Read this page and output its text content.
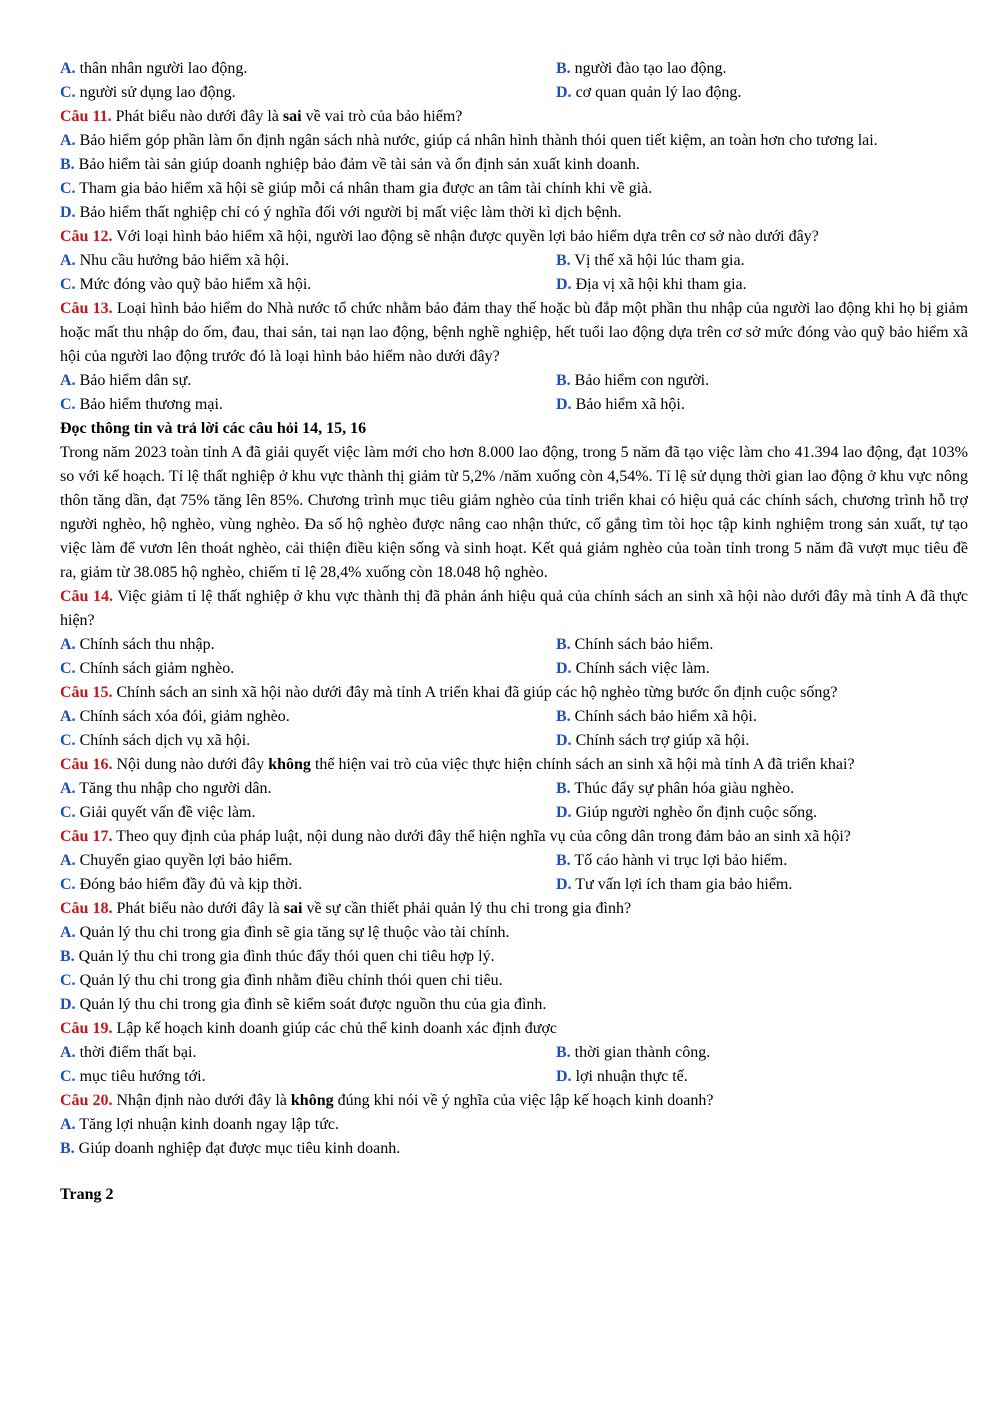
A. thân nhân người lao động.	B. người đào tạo lao động.
C. người sử dụng lao động.	D. cơ quan quản lý lao động.
Câu 11. Phát biểu nào dưới đây là sai về vai trò của bảo hiểm?
A. Bảo hiểm góp phần làm ổn định ngân sách nhà nước, giúp cá nhân hình thành thói quen tiết kiệm, an toàn hơn cho tương lai.
B. Bảo hiểm tài sản giúp doanh nghiệp bảo đảm về tài sản và ổn định sản xuất kinh doanh.
C. Tham gia bảo hiểm xã hội sẽ giúp mỗi cá nhân tham gia được an tâm tài chính khi về già.
D. Bảo hiểm thất nghiệp chỉ có ý nghĩa đối với người bị mất việc làm thời kì dịch bệnh.
Câu 12. Với loại hình bảo hiểm xã hội, người lao động sẽ nhận được quyền lợi bảo hiểm dựa trên cơ sở nào dưới đây?
A. Nhu cầu hưởng bảo hiểm xã hội.	B. Vị thế xã hội lúc tham gia.
C. Mức đóng vào quỹ bảo hiểm xã hội.	D. Địa vị xã hội khi tham gia.
Câu 13. Loại hình bảo hiểm do Nhà nước tổ chức nhằm bảo đảm thay thế hoặc bù đắp một phần thu nhập của người lao động khi họ bị giảm hoặc mất thu nhập do ốm, đau, thai sản, tai nạn lao động, bệnh nghề nghiệp, hết tuổi lao động dựa trên cơ sở mức đóng vào quỹ bảo hiểm xã hội của người lao động trước đó là loại hình bảo hiểm nào dưới đây?
A. Bảo hiểm dân sự.	B. Bảo hiểm con người.
C. Bảo hiểm thương mại.	D. Bảo hiểm xã hội.
Đọc thông tin và trả lời các câu hỏi 14, 15, 16
Trong năm 2023 toàn tỉnh A đã giải quyết việc làm mới cho hơn 8.000 lao động, trong 5 năm đã tạo việc làm cho 41.394 lao động, đạt 103% so với kế hoạch. Tỉ lệ thất nghiệp ở khu vực thành thị giảm từ 5,2% /năm xuống còn 4,54%. Tỉ lệ sử dụng thời gian lao động ở khu vực nông thôn tăng dần, đạt 75% tăng lên 85%. Chương trình mục tiêu giảm nghèo của tỉnh triển khai có hiệu quả các chính sách, chương trình hỗ trợ người nghèo, hộ nghèo, vùng nghèo. Đa số hộ nghèo được nâng cao nhận thức, cố gắng tìm tòi học tập kinh nghiệm trong sản xuất, tự tạo việc làm để vươn lên thoát nghèo, cải thiện điều kiện sống và sinh hoạt. Kết quả giảm nghèo của toàn tỉnh trong 5 năm đã vượt mục tiêu đề ra, giảm từ 38.085 hộ nghèo, chiếm tỉ lệ 28,4% xuống còn 18.048 hộ nghèo.
Câu 14. Việc giảm tỉ lệ thất nghiệp ở khu vực thành thị đã phản ánh hiệu quả của chính sách an sinh xã hội nào dưới đây mà tỉnh A đã thực hiện?
A. Chính sách thu nhập.	B. Chính sách bảo hiểm.
C. Chính sách giảm nghèo.	D. Chính sách việc làm.
Câu 15. Chính sách an sinh xã hội nào dưới đây mà tỉnh A triển khai đã giúp các hộ nghèo từng bước ổn định cuộc sống?
A. Chính sách xóa đói, giảm nghèo.	B. Chính sách bảo hiểm xã hội.
C. Chính sách dịch vụ xã hội.	D. Chính sách trợ giúp xã hội.
Câu 16. Nội dung nào dưới đây không thể hiện vai trò của việc thực hiện chính sách an sinh xã hội mà tỉnh A đã triển khai?
A. Tăng thu nhập cho người dân.	B. Thúc đẩy sự phân hóa giàu nghèo.
C. Giải quyết vấn đề việc làm.	D. Giúp người nghèo ổn định cuộc sống.
Câu 17. Theo quy định của pháp luật, nội dung nào dưới đây thể hiện nghĩa vụ của công dân trong đảm bảo an sinh xã hội?
A. Chuyển giao quyền lợi bảo hiểm.	B. Tố cáo hành vi trục lợi bảo hiểm.
C. Đóng bảo hiểm đầy đủ và kịp thời.	D. Tư vấn lợi ích tham gia bảo hiểm.
Câu 18. Phát biểu nào dưới đây là sai về sự cần thiết phải quản lý thu chi trong gia đình?
A. Quản lý thu chi trong gia đình sẽ gia tăng sự lệ thuộc vào tài chính.
B. Quản lý thu chi trong gia đình thúc đẩy thói quen chi tiêu hợp lý.
C. Quản lý thu chi trong gia đình nhằm điều chỉnh thói quen chi tiêu.
D. Quản lý thu chi trong gia đình sẽ kiểm soát được nguồn thu của gia đình.
Câu 19. Lập kế hoạch kinh doanh giúp các chủ thể kinh doanh xác định được
A. thời điểm thất bại.	B. thời gian thành công.
C. mục tiêu hướng tới.	D. lợi nhuận thực tế.
Câu 20. Nhận định nào dưới đây là không đúng khi nói về ý nghĩa của việc lập kế hoạch kinh doanh?
A. Tăng lợi nhuận kinh doanh ngay lập tức.
B. Giúp doanh nghiệp đạt được mục tiêu kinh doanh.
Trang 2
